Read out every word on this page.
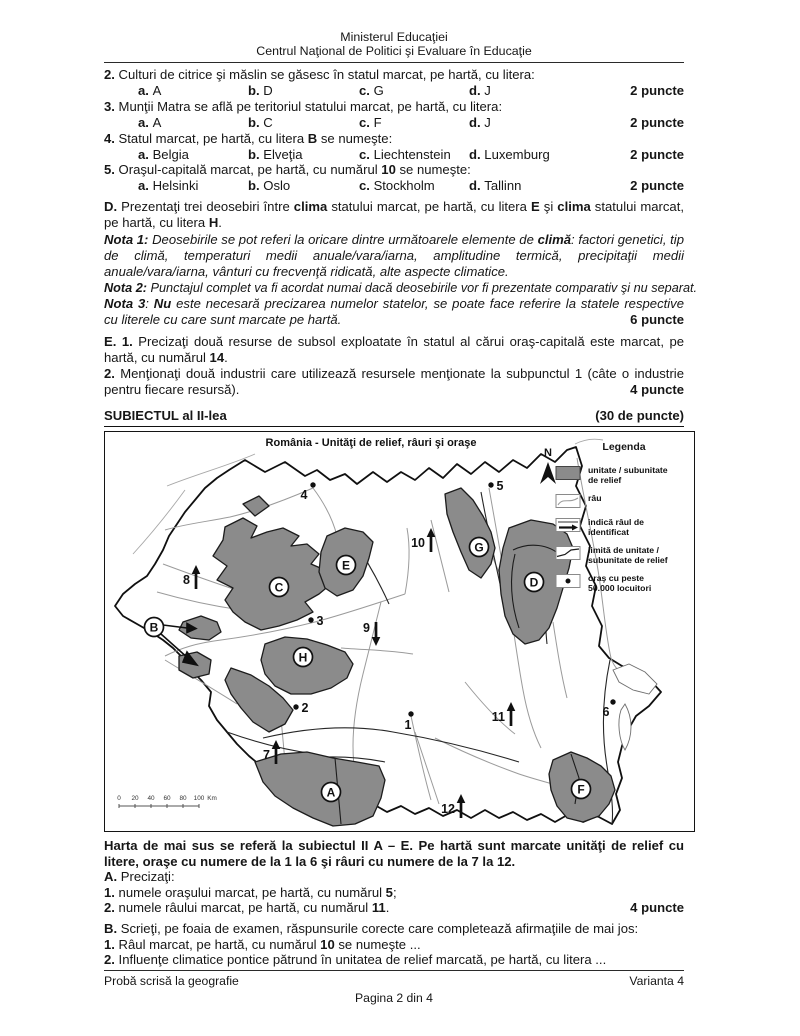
Ministerul Educaţiei
Centrul Naţional de Politici şi Evaluare în Educaţie
2. Culturi de citrice şi măslin se găsesc în statul marcat, pe hartă, cu litera:
a. A	b. D	c. G	d. J	2 puncte
3. Munţii Matra se află pe teritoriul statului marcat, pe hartă, cu litera:
a. A	b. C	c. F	d. J	2 puncte
4. Statul marcat, pe hartă, cu litera B se numeşte:
a. Belgia	b. Elveţia	c. Liechtenstein	d. Luxemburg	2 puncte
5. Oraşul-capitală marcat, pe hartă, cu numărul 10 se numeşte:
a. Helsinki	b. Oslo	c. Stockholm	d. Tallinn	2 puncte
D. Prezentaţi trei deosebiri între clima statului marcat, pe hartă, cu litera E şi clima statului marcat, pe hartă, cu litera H.
Nota 1: Deosebirile se pot referi la oricare dintre următoarele elemente de climă: factori genetici, tip de climă, temperaturi medii anuale/vara/iarna, amplitudine termică, precipitaţii medii anuale/vara/iarna, vânturi cu frecvenţă ridicată, alte aspecte climatice.
Nota 2: Punctajul complet va fi acordat numai dacă deosebirile vor fi prezentate comparativ şi nu separat.
Nota 3: Nu este necesară precizarea numelor statelor, se poate face referire la statele respective cu literele cu care sunt marcate pe hartă.	6 puncte
E. 1. Precizaţi două resurse de subsol exploatate în statul al cărui oraş-capitală este marcat, pe hartă, cu numărul 14.
2. Menţionaţi două industrii care utilizează resursele menţionate la subpunctul 1 (câte o industrie pentru fiecare resursă).	4 puncte
SUBIECTUL al II-lea	(30 de puncte)
N
România - Unităţi de relief, râuri şi oraşe
0 20 40 60 80 100 Km
7
8
9
10
11
12
1
2
3
4
5
6
A
B
C	D
E
F
G
H
Legenda
unitate / subunitate
de relief
râu
indică râul de
identificat
limită de unitate /
subunitate de relief
oraş cu peste
50.000 locuitori
Harta de mai sus se referă la subiectul II A – E. Pe hartă sunt marcate unităţi de relief cu litere, oraşe cu numere de la 1 la 6 şi râuri cu numere de la 7 la 12.
A. Precizaţi:
1. numele oraşului marcat, pe hartă, cu numărul 5;
2. numele râului marcat, pe hartă, cu numărul 11.	4 puncte
B. Scrieţi, pe foaia de examen, răspunsurile corecte care completează afirmaţiile de mai jos:
1. Râul marcat, pe hartă, cu numărul 10 se numeşte ...
2. Influenţe climatice pontice pătrund în unitatea de relief marcată, pe hartă, cu litera ...
Probă scrisă la geografie	Varianta 4
Pagina 2 din 4
